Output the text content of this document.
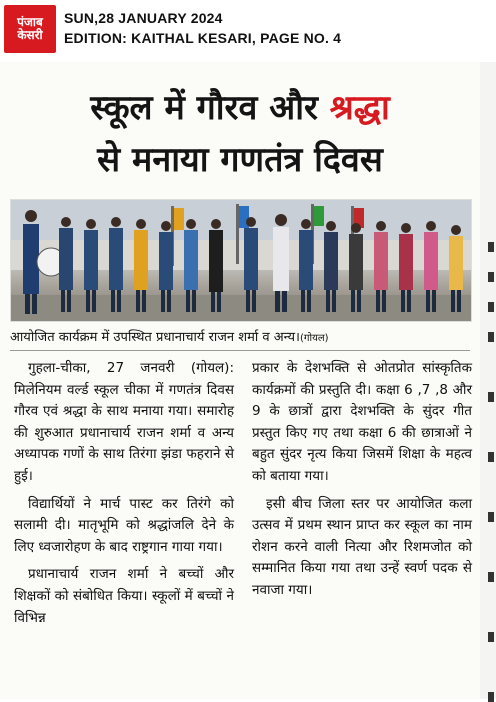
पंजाब
केसरी
SUN,28 JANUARY 2024
EDITION: KAITHAL KESARI, PAGE NO. 4
स्कूल में गौरव और श्रद्धा
से मनाया गणतंत्र दिवस
आयोजित कार्यक्रम में उपस्थित प्रधानाचार्य राजन शर्मा व अन्य।(गोयल)

गुहला-चीका, 27 जनवरी (गोयल): मिलेनियम वर्ल्ड स्कूल चीका में गणतंत्र दिवस गौरव एवं श्रद्धा के साथ मनाया गया। समारोह की शुरुआत प्रधानाचार्य राजन शर्मा व अन्य अध्यापक गणों के साथ तिरंगा झंडा फहराने से हुई।

विद्यार्थियों ने मार्च पास्ट कर तिरंगे को सलामी दी। मातृभूमि को श्रद्धांजलि देने के लिए ध्वजारोहण के बाद राष्ट्रगान गाया गया।

प्रधानाचार्य राजन शर्मा ने बच्चों और शिक्षकों को संबोधित किया। स्कूलों में बच्चों ने विभिन्न

प्रकार के देशभक्ति से ओतप्रोत सांस्कृतिक कार्यक्रमों की प्रस्तुति दी। कक्षा 6 ,7 ,8 और 9 के छात्रों द्वारा देशभक्ति के सुंदर गीत प्रस्तुत किए गए तथा कक्षा 6 की छात्राओं ने बहुत सुंदर नृत्य किया जिसमें शिक्षा के महत्व को बताया गया।

इसी बीच जिला स्तर पर आयोजित कला उत्सव में प्रथम स्थान प्राप्त कर स्कूल का नाम रोशन करने वाली नित्या और रिशमजोत को सम्मानित किया गया तथा उन्हें स्वर्ण पदक से नवाजा गया।
